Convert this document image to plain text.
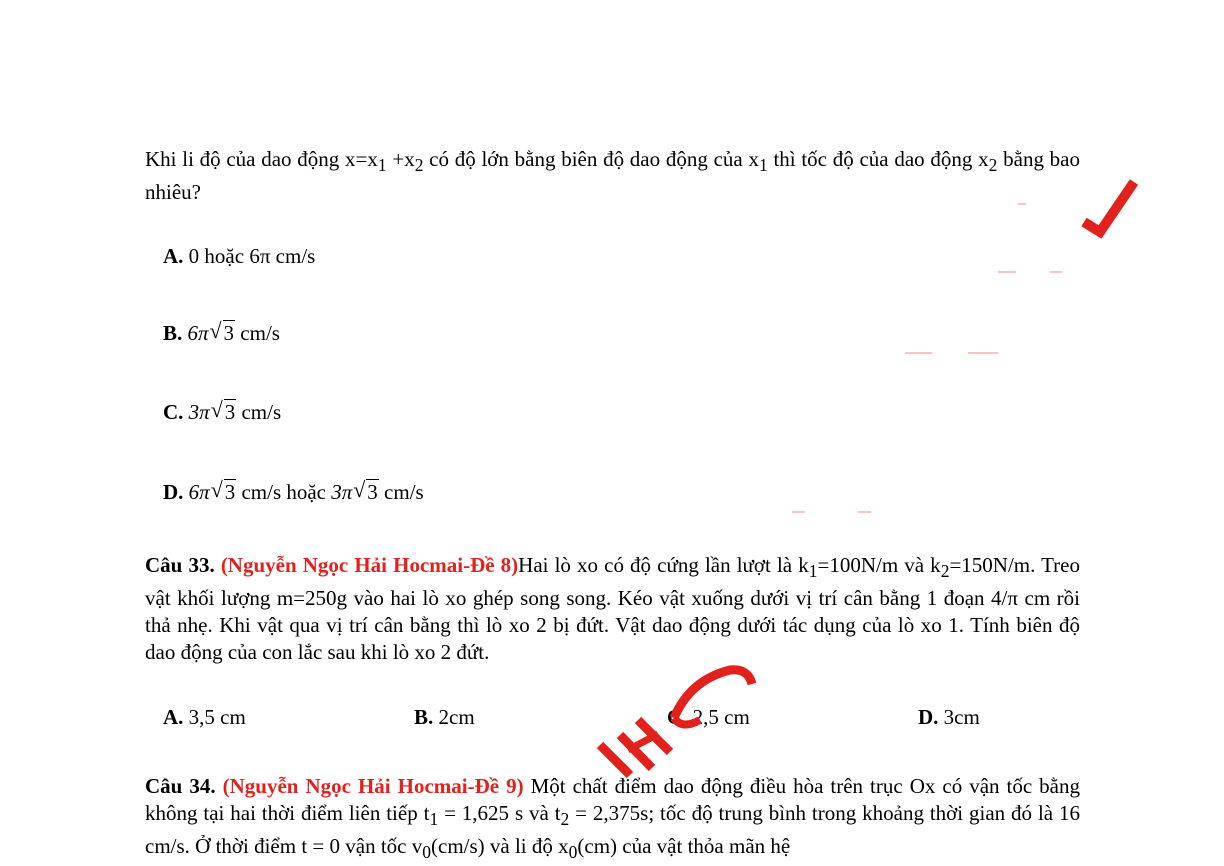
Khi li độ của dao động $x=x_1 +x_2$ có độ lớn bằng biên độ dao động của $x_1$ thì tốc độ của dao động $x_2$ bằng bao nhiêu?
A. 0 hoặc 6π cm/s
B. 6π √ 3 cm/s
C. 3π √ 3 cm/s
D. 6π √ 3 cm/s hoặc 3π √ 3 cm/s
Câu 33. (Nguyễn Ngọc Hải Hocmai-Đề 8)Hai lò xo có độ cứng lần lượt là $k_1=100N/m$ và $k_2=150N/m$. Treo vật khối lượng m=250g vào hai lò xo ghép song song. Kéo vật xuống dưới vị trí cân bằng 1 đoạn 4/π cm rồi thả nhẹ. Khi vật qua vị trí cân bằng thì lò xo 2 bị đứt. Vật dao động dưới tác dụng của lò xo 1. Tính biên độ dao động của con lắc sau khi lò xo 2 đứt.
A. 3,5 cm	B. 2cm	C. 2,5 cm	D. 3cm
Câu 34. (Nguyễn Ngọc Hải Hocmai-Đề 9) Một chất điểm dao động điều hòa trên trục Ox có vận tốc bằng không tại hai thời điểm liên tiếp $t_1 = 1,625$ s và $t_2 = 2,375s$; tốc độ trung bình trong khoảng thời gian đó là 16 cm/s. Ở thời điểm t = 0 vận tốc $v_0(cm/s)$ và li độ $x_0(cm)$ của vật thỏa mãn hệ
